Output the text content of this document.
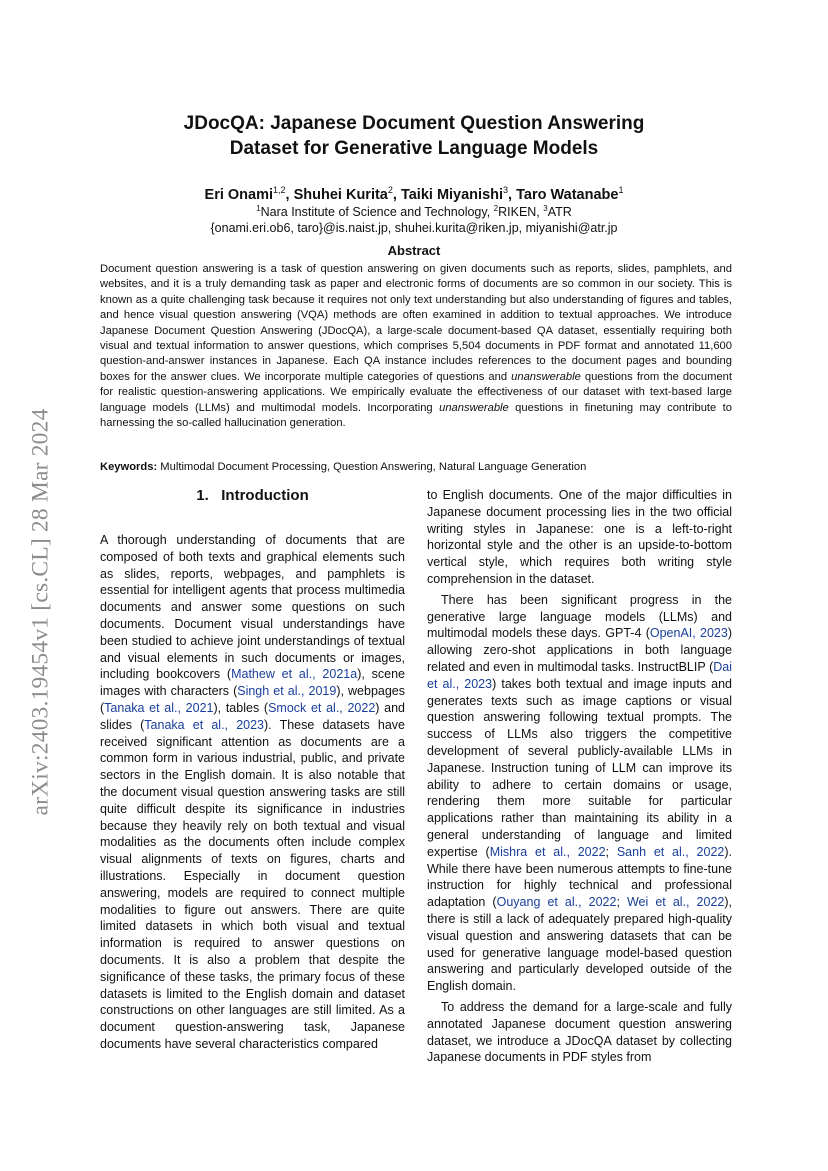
arXiv:2403.19454v1 [cs.CL] 28 Mar 2024
JDocQA: Japanese Document Question Answering
Dataset for Generative Language Models
Eri Onami$^{1,2}$, Shuhei Kurita$^2$, Taiki Miyanishi$^3$, Taro Watanabe$^1$
$^1$Nara Institute of Science and Technology, $^2$RIKEN, $^3$ATR
{onami.eri.ob6, taro}@is.naist.jp, shuhei.kurita@riken.jp, miyanishi@atr.jp
Abstract
Document question answering is a task of question answering on given documents such as reports, slides, pamphlets, and websites, and it is a truly demanding task as paper and electronic forms of documents are so common in our society. This is known as a quite challenging task because it requires not only text understanding but also understanding of figures and tables, and hence visual question answering (VQA) methods are often examined in addition to textual approaches. We introduce Japanese Document Question Answering (JDocQA), a large-scale document-based QA dataset, essentially requiring both visual and textual information to answer questions, which comprises 5,504 documents in PDF format and annotated 11,600 question-and-answer instances in Japanese. Each QA instance includes references to the document pages and bounding boxes for the answer clues. We incorporate multiple categories of questions and unanswerable questions from the document for realistic question-answering applications. We empirically evaluate the effectiveness of our dataset with text-based large language models (LLMs) and multimodal models. Incorporating unanswerable questions in finetuning may contribute to harnessing the so-called hallucination generation.
Keywords: Multimodal Document Processing, Question Answering, Natural Language Generation
1. Introduction

A thorough understanding of documents that are composed of both texts and graphical elements such as slides, reports, webpages, and pamphlets is essential for intelligent agents that process multimedia documents and answer some questions on such documents. Document visual understandings have been studied to achieve joint understandings of textual and visual elements in such documents or images, including bookcovers (Mathew et al., 2021a), scene images with characters (Singh et al., 2019), webpages (Tanaka et al., 2021), tables (Smock et al., 2022) and slides (Tanaka et al., 2023). These datasets have received significant attention as documents are a common form in various industrial, public, and private sectors in the English domain. It is also notable that the document visual question answering tasks are still quite difficult despite its significance in industries because they heavily rely on both textual and visual modalities as the documents often include complex visual alignments of texts on figures, charts and illustrations. Especially in document question answering, models are required to connect multiple modalities to figure out answers. There are quite limited datasets in which both visual and textual information is required to answer questions on documents. It is also a problem that despite the significance of these tasks, the primary focus of these datasets is limited to the English domain and dataset constructions on other languages are still limited. As a document question-answering task, Japanese documents have several characteristics compared

to English documents. One of the major difficulties in Japanese document processing lies in the two official writing styles in Japanese: one is a left-to-right horizontal style and the other is an upside-to-bottom vertical style, which requires both writing style comprehension in the dataset.

There has been significant progress in the generative large language models (LLMs) and multimodal models these days. GPT-4 (OpenAI, 2023) allowing zero-shot applications in both language related and even in multimodal tasks. InstructBLIP (Dai et al., 2023) takes both textual and image inputs and generates texts such as image captions or visual question answering following textual prompts. The success of LLMs also triggers the competitive development of several publicly-available LLMs in Japanese. Instruction tuning of LLM can improve its ability to adhere to certain domains or usage, rendering them more suitable for particular applications rather than maintaining its ability in a general understanding of language and limited expertise (Mishra et al., 2022; Sanh et al., 2022). While there have been numerous attempts to fine-tune instruction for highly technical and professional adaptation (Ouyang et al., 2022; Wei et al., 2022), there is still a lack of adequately prepared high-quality visual question and answering datasets that can be used for generative language model-based question answering and particularly developed outside of the English domain.

To address the demand for a large-scale and fully annotated Japanese document question answering dataset, we introduce a JDocQA dataset by collecting Japanese documents in PDF styles from
